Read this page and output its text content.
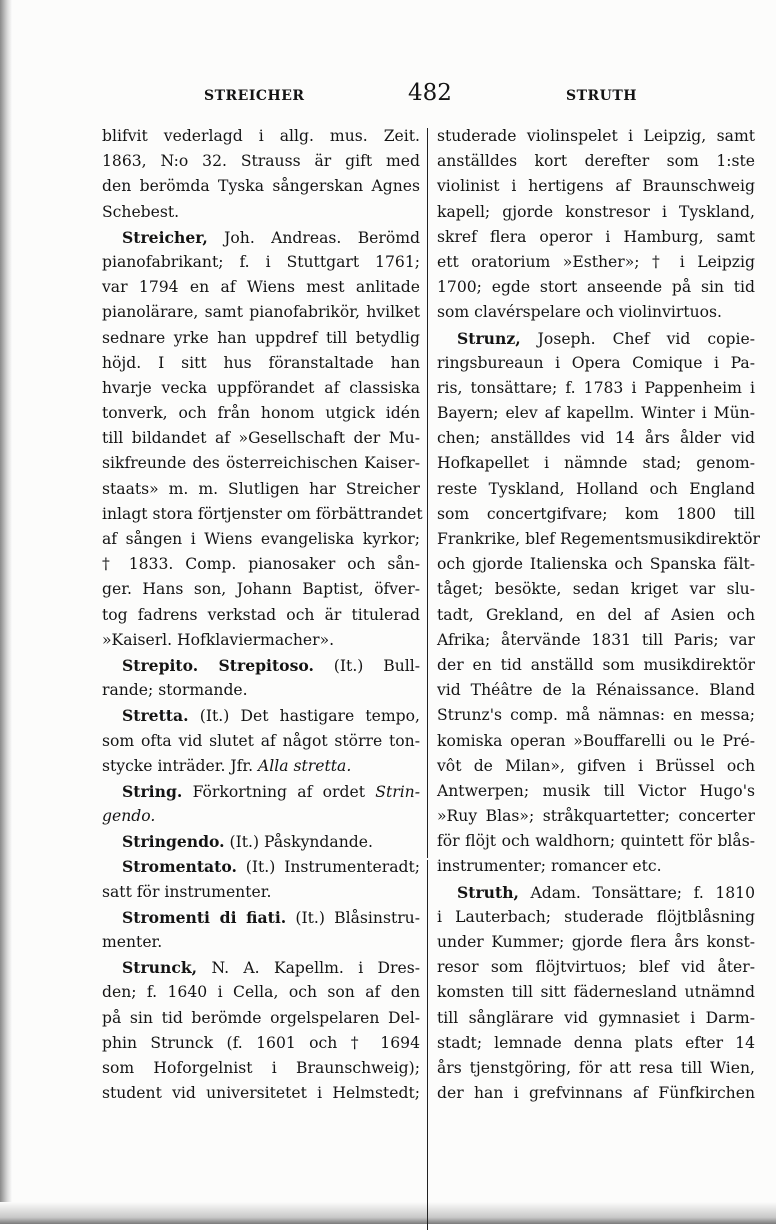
STREICHER	482	STRUTH
blifvit vederlagd i allg. mus. Zeit.
1863, N:o 32. Strauss är gift med
den berömda Tyska sångerskan Agnes
Schebest.
Streicher, Joh. Andreas. Berömd
pianofabrikant; f. i Stuttgart 1761;
var 1794 en af Wiens mest anlitade
pianolärare, samt pianofabrikör, hvilket
sednare yrke han uppdref till betydlig
höjd. I sitt hus föranstaltade han
hvarje vecka uppförandet af classiska
tonverk, och från honom utgick idén
till bildandet af »Gesellschaft der Mu-
sikfreunde des österreichischen Kaiser-
staats» m. m. Slutligen har Streicher
inlagt stora förtjenster om förbättrandet
af sången i Wiens evangeliska kyrkor;
† 1833. Comp. pianosaker och sån-
ger. Hans son, Johann Baptist, öfver-
tog fadrens verkstad och är titulerad
»Kaiserl. Hofklaviermacher».
Strepito. Strepitoso. (It.) Bull-
rande; stormande.
Stretta. (It.) Det hastigare tempo,
som ofta vid slutet af något större ton-
stycke inträder. Jfr. Alla stretta.
String. Förkortning af ordet Strin-
gendo.
Stringendo. (It.) Påskyndande.
Stromentato. (It.) Instrumenteradt;
satt för instrumenter.
Stromenti di fiati. (It.) Blåsinstru-
menter.
Strunck, N. A. Kapellm. i Dres-
den; f. 1640 i Cella, och son af den
på sin tid berömde orgelspelaren Del-
phin Strunck (f. 1601 och † 1694
som Hoforgelnist i Braunschweig);
student vid universitetet i Helmstedt;
studerade violinspelet i Leipzig, samt
anställdes kort derefter som 1:ste
violinist i hertigens af Braunschweig
kapell; gjorde konstresor i Tyskland,
skref flera operor i Hamburg, samt
ett oratorium »Esther»; † i Leipzig
1700; egde stort anseende på sin tid
som clavérspelare och violinvirtuos.
Strunz, Joseph. Chef vid copie-
ringsbureaun i Opera Comique i Pa-
ris, tonsättare; f. 1783 i Pappenheim i
Bayern; elev af kapellm. Winter i Mün-
chen; anställdes vid 14 års ålder vid
Hofkapellet i nämnde stad; genom-
reste Tyskland, Holland och England
som concertgifvare; kom 1800 till
Frankrike, blef Regementsmusikdirektör
och gjorde Italienska och Spanska fält-
tåget; besökte, sedan kriget var slu-
tadt, Grekland, en del af Asien och
Afrika; återvände 1831 till Paris; var
der en tid anställd som musikdirektör
vid Théâtre de la Rénaissance. Bland
Strunz's comp. må nämnas: en messa;
komiska operan »Bouffarelli ou le Pré-
vôt de Milan», gifven i Brüssel och
Antwerpen; musik till Victor Hugo's
»Ruy Blas»; stråkquartetter; concerter
för flöjt och waldhorn; quintett för blås-
instrumenter; romancer etc.
Struth, Adam. Tonsättare; f. 1810
i Lauterbach; studerade flöjtblåsning
under Kummer; gjorde flera års konst-
resor som flöjtvirtuos; blef vid åter-
komsten till sitt fädernesland utnämnd
till sånglärare vid gymnasiet i Darm-
stadt; lemnade denna plats efter 14
års tjenstgöring, för att resa till Wien,
der han i grefvinnans af Fünfkirchen
